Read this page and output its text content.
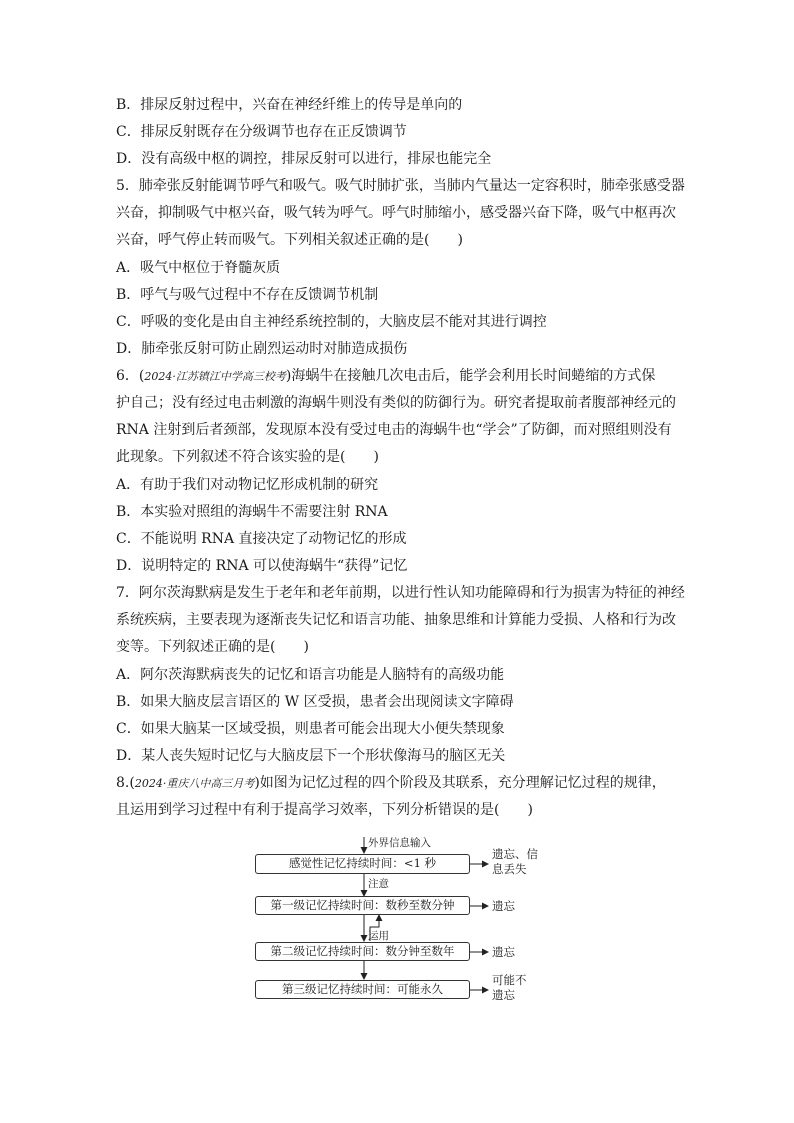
B．排尿反射过程中，兴奋在神经纤维上的传导是单向的
C．排尿反射既存在分级调节也存在正反馈调节
D．没有高级中枢的调控，排尿反射可以进行，排尿也能完全
5．肺牵张反射能调节呼气和吸气。吸气时肺扩张，当肺内气量达一定容积时，肺牵张感受器
兴奋，抑制吸气中枢兴奋，吸气转为呼气。呼气时肺缩小，感受器兴奋下降，吸气中枢再次
兴奋，呼气停止转而吸气。下列相关叙述正确的是(　　)
A．吸气中枢位于脊髓灰质
B．呼气与吸气过程中不存在反馈调节机制
C．呼吸的变化是由自主神经系统控制的，大脑皮层不能对其进行调控
D．肺牵张反射可防止剧烈运动时对肺造成损伤
6．(2024·江苏镇江中学高三校考)海蜗牛在接触几次电击后，能学会利用长时间蜷缩的方式保
护自己；没有经过电击刺激的海蜗牛则没有类似的防御行为。研究者提取前者腹部神经元的
RNA 注射到后者颈部，发现原本没有受过电击的海蜗牛也“学会”了防御，而对照组则没有
此现象。下列叙述不符合该实验的是(　　)
A．有助于我们对动物记忆形成机制的研究
B．本实验对照组的海蜗牛不需要注射 RNA
C．不能说明 RNA 直接决定了动物记忆的形成
D．说明特定的 RNA 可以使海蜗牛“获得”记忆
7．阿尔茨海默病是发生于老年和老年前期，以进行性认知功能障碍和行为损害为特征的神经
系统疾病，主要表现为逐渐丧失记忆和语言功能、抽象思维和计算能力受损、人格和行为改
变等。下列叙述正确的是(　　)
A．阿尔茨海默病丧失的记忆和语言功能是人脑特有的高级功能
B．如果大脑皮层言语区的 W 区受损，患者会出现阅读文字障碍
C．如果大脑某一区域受损，则患者可能会出现大小便失禁现象
D．某人丧失短时记忆与大脑皮层下一个形状像海马的脑区无关
8.(2024·重庆八中高三月考)如图为记忆过程的四个阶段及其联系，充分理解记忆过程的规律，
且运用到学习过程中有利于提高学习效率，下列分析错误的是(　　)
外界信息输入
感觉性记忆持续时间：<1 秒
注意
第一级记忆持续时间：数秒至数分钟
运用
第二级记忆持续时间：数分钟至数年
第三级记忆持续时间：可能永久
遗忘、信
息丢失
遗忘
遗忘
可能不
遗忘
